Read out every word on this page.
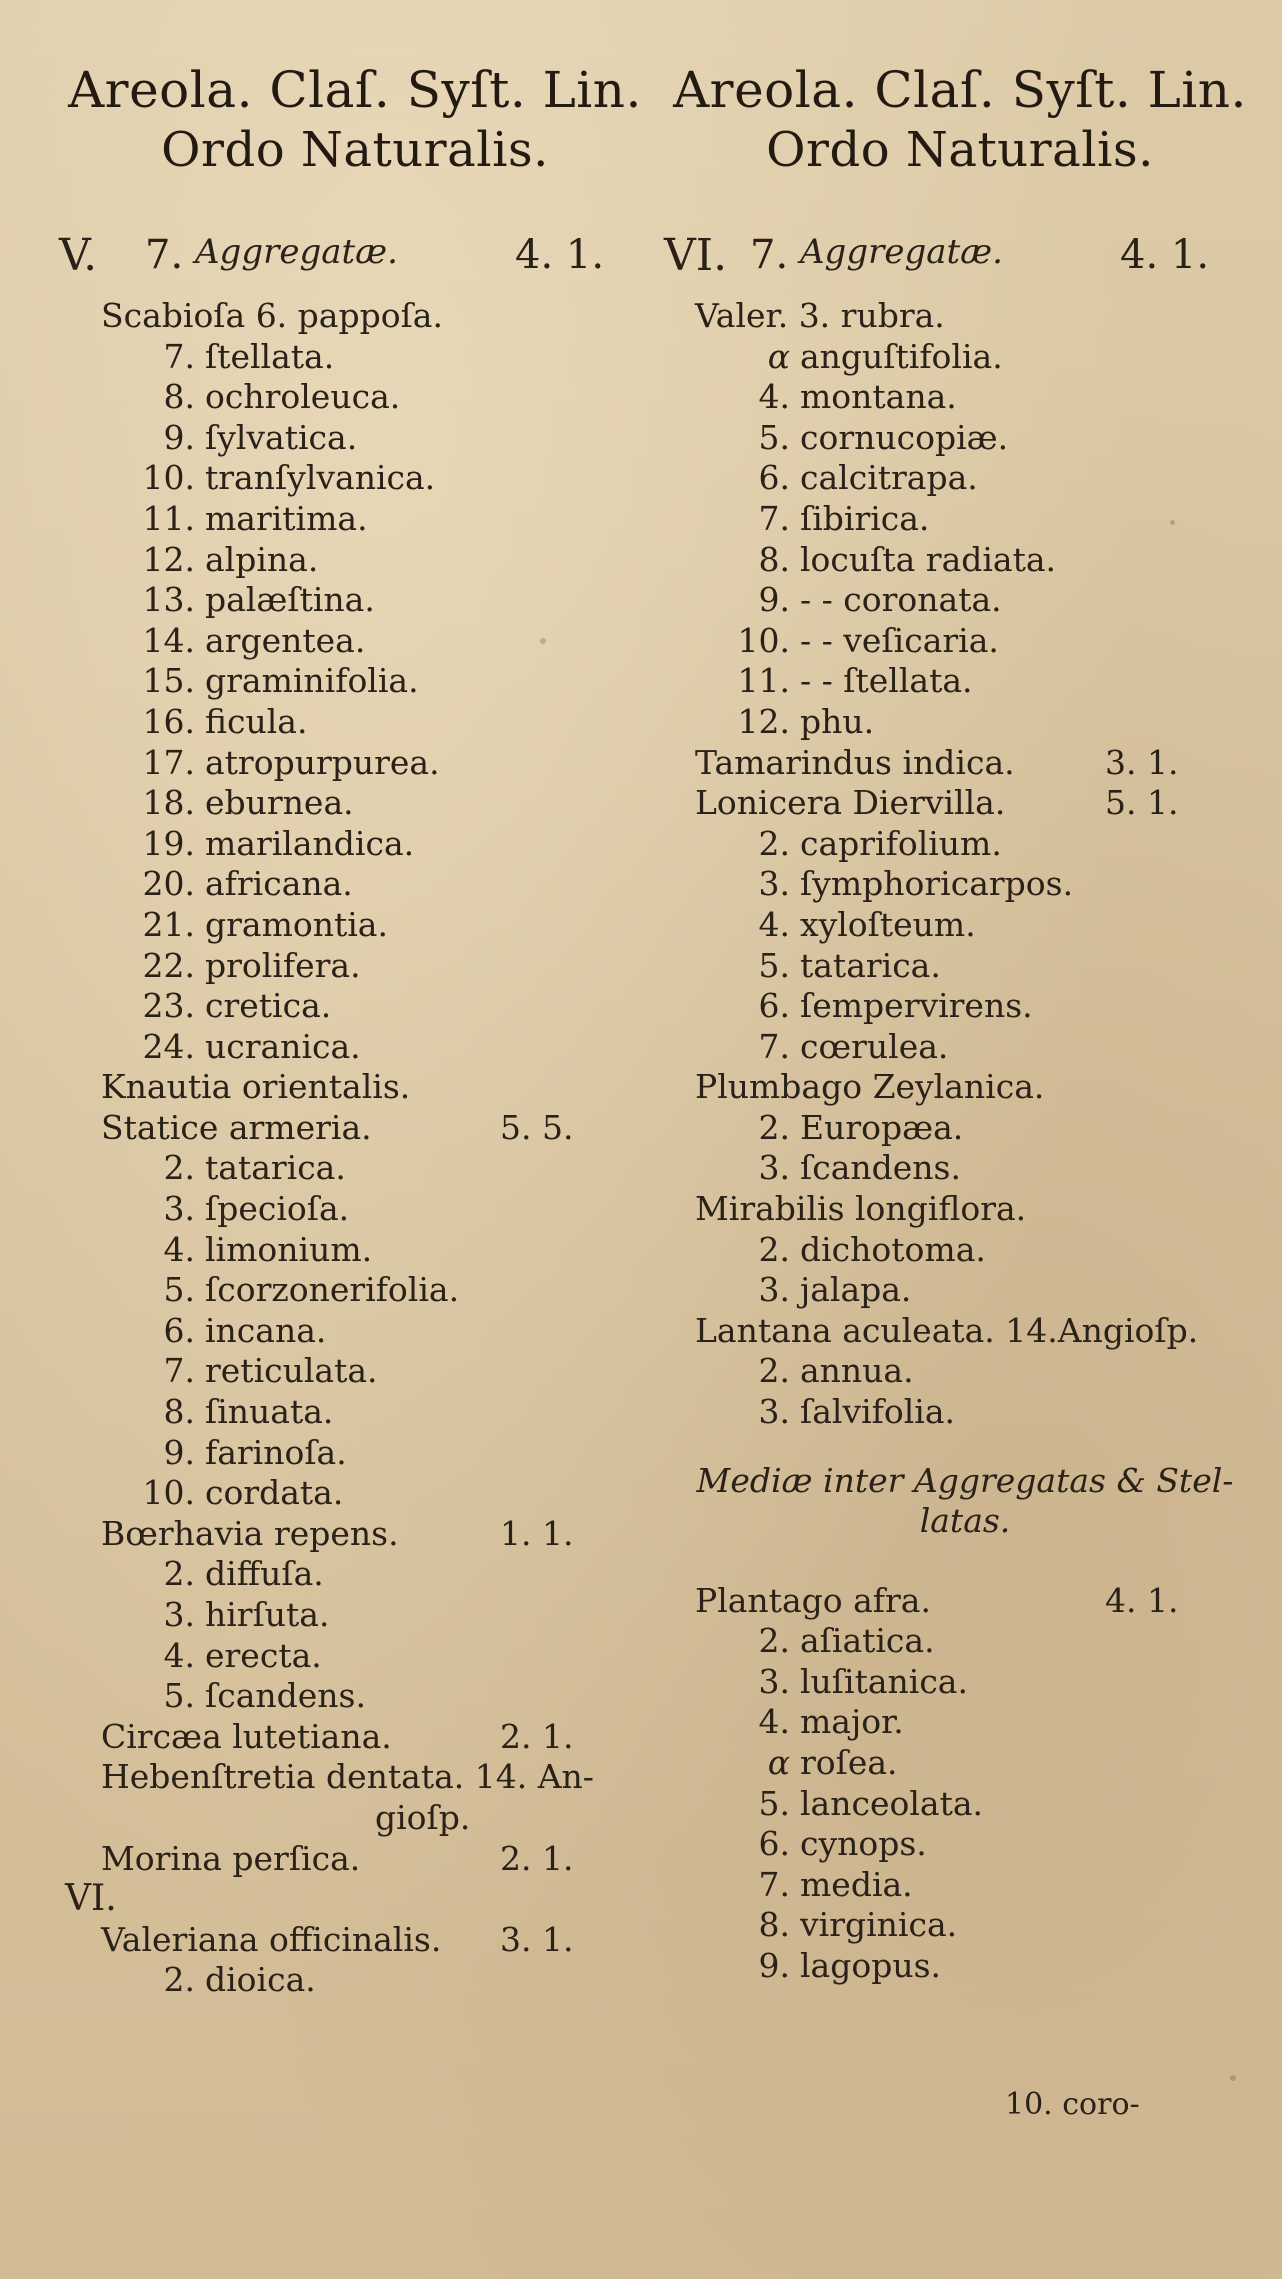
Areola. Claſ. Syſt. Lin.
Ordo Naturalis.
V. 7. Aggregatæ.	4. 1.
Scabioſa 6. pappoſa.
7. ſtellata.
8. ochroleuca.
9. ſylvatica.
10. tranſylvanica.
11. maritima.
12. alpina.
13. palæſtina.
14. argentea.
15. graminifolia.
16. ficula.
17. atropurpurea.
18. eburnea.
19. marilandica.
20. africana.
21. gramontia.
22. prolifera.
23. cretica.
24. ucranica.
Knautia orientalis.
Statice armeria.	5. 5.
2. tatarica.
3. ſpecioſa.
4. limonium.
5. ſcorzonerifolia.
6. incana.
7. reticulata.
8. ſinuata.
9. farinoſa.
10. cordata.
Bœrhavia repens.	1. 1.
2. diffuſa.
3. hirſuta.
4. erecta.
5. ſcandens.
Circæa lutetiana.	2. 1.
Hebenſtretia dentata. 14. An-
gioſp.
Morina perſica.	2. 1.
VI.
Valeriana officinalis. 3. 1.
2. dioica.
Areola. Claſ. Syſt. Lin.
Ordo Naturalis.
VI. 7. Aggregatæ.	4. 1.
Valer. 3. rubra.
α anguſtifolia.
4. montana.
5. cornucopiæ.
6. calcitrapa.
7. ſibirica.
8. locuſta radiata.
9. - - coronata.
10. - - veſicaria.
11. - - ſtellata.
12. phu.
Tamarindus indica.	3. 1.
Lonicera Diervilla.	5. 1.
2. caprifolium.
3. ſymphoricarpos.
4. xyloſteum.
5. tatarica.
6. ſempervirens.
7. cœrulea.
Plumbago Zeylanica.
2. Europæa.
3. ſcandens.
Mirabilis longiflora.
2. dichotoma.
3. jalapa.
Lantana aculeata. 14.Angioſp.
2. annua.
3. ſalvifolia.
Mediæ inter Aggregatas & Stel-
latas.
Plantago afra.	4. 1.
2. aſiatica.
3. luſitanica.
4. major.
α roſea.
5. lanceolata.
6. cynops.
7. media.
8. virginica.
9. lagopus.
10. coro-
